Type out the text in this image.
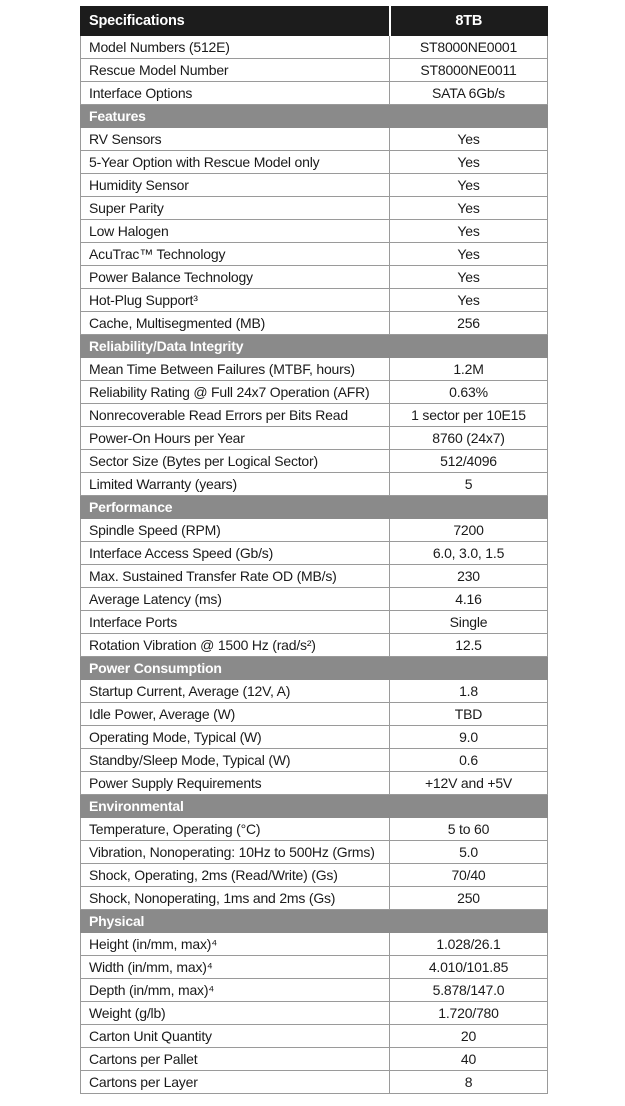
Specifications	8TB
Model Numbers (512E)	ST8000NE0001
Rescue Model Number	ST8000NE0011
Interface Options	SATA 6Gb/s
Features	
RV Sensors	Yes
5-Year Option with Rescue Model only	Yes
Humidity Sensor	Yes
Super Parity	Yes
Low Halogen	Yes
AcuTrac™ Technology	Yes
Power Balance Technology	Yes
Hot-Plug Support³	Yes
Cache, Multisegmented (MB)	256
Reliability/Data Integrity	
Mean Time Between Failures (MTBF, hours)	1.2M
Reliability Rating @ Full 24x7 Operation (AFR)	0.63%
Nonrecoverable Read Errors per Bits Read	1 sector per 10E15
Power-On Hours per Year	8760 (24x7)
Sector Size (Bytes per Logical Sector)	512/4096
Limited Warranty (years)	5
Performance	
Spindle Speed (RPM)	7200
Interface Access Speed (Gb/s)	6.0, 3.0, 1.5
Max. Sustained Transfer Rate OD (MB/s)	230
Average Latency (ms)	4.16
Interface Ports	Single
Rotation Vibration @ 1500 Hz (rad/s²)	12.5
Power Consumption	
Startup Current, Average (12V, A)	1.8
Idle Power, Average (W)	TBD
Operating Mode, Typical (W)	9.0
Standby/Sleep Mode, Typical (W)	0.6
Power Supply Requirements	+12V and +5V
Environmental	
Temperature, Operating (°C)	5 to 60
Vibration, Nonoperating: 10Hz to 500Hz (Grms)	5.0
Shock, Operating, 2ms (Read/Write) (Gs)	70/40
Shock, Nonoperating, 1ms and 2ms (Gs)	250
Physical	
Height (in/mm, max)⁴	1.028/26.1
Width (in/mm, max)⁴	4.010/101.85
Depth (in/mm, max)⁴	5.878/147.0
Weight (g/lb)	1.720/780
Carton Unit Quantity	20
Cartons per Pallet	40
Cartons per Layer	8
